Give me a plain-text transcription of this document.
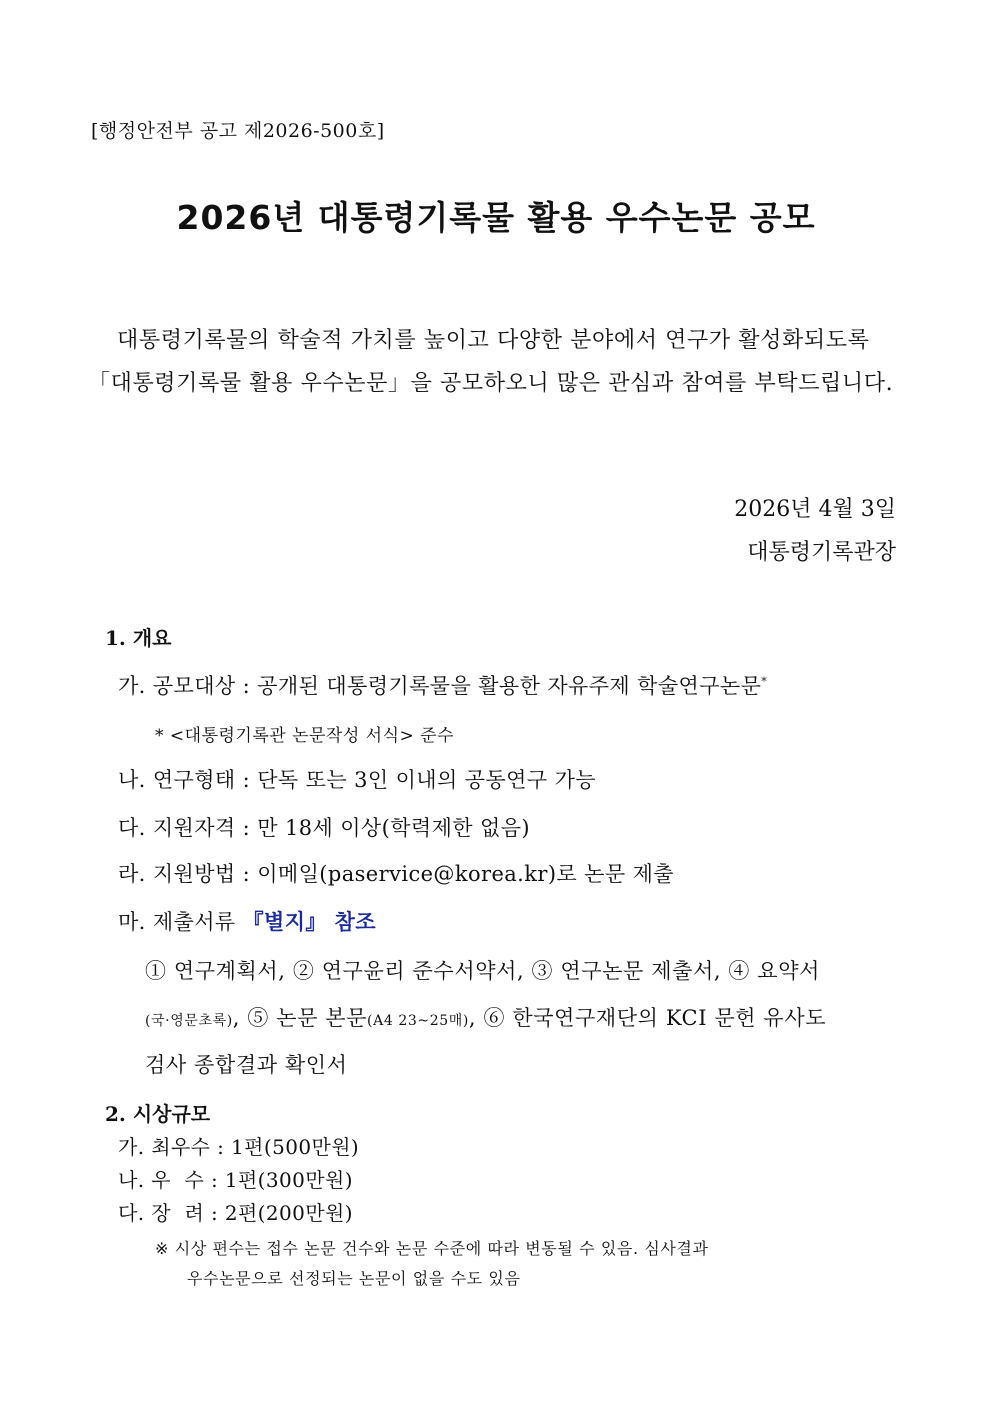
[행정안전부 공고 제2026-500호]
2026년 대통령기록물 활용 우수논문 공모
대통령기록물의 학술적 가치를 높이고 다양한 분야에서 연구가 활성화되도록
「대통령기록물 활용 우수논문」을 공모하오니 많은 관심과 참여를 부탁드립니다.
2026년 4월 3일
대통령기록관장
1. 개요
가. 공모대상 : 공개된 대통령기록물을 활용한 자유주제 학술연구논문*
* <대통령기록관 논문작성 서식> 준수
나. 연구형태 : 단독 또는 3인 이내의 공동연구 가능
다. 지원자격 : 만 18세 이상(학력제한 없음)
라. 지원방법 : 이메일(paservice@korea.kr)로 논문 제출
마. 제출서류 『별지』 참조
① 연구계획서, ② 연구윤리 준수서약서, ③ 연구논문 제출서, ④ 요약서
(국·영문초록), ⑤ 논문 본문(A4 23~25매), ⑥ 한국연구재단의 KCI 문헌 유사도
검사 종합결과 확인서
2. 시상규모
가. 최우수 : 1편(500만원)
나. 우  수 : 1편(300만원)
다. 장  려 : 2편(200만원)
※ 시상 편수는 접수 논문 건수와 논문 수준에 따라 변동될 수 있음. 심사결과
우수논문으로 선정되는 논문이 없을 수도 있음
